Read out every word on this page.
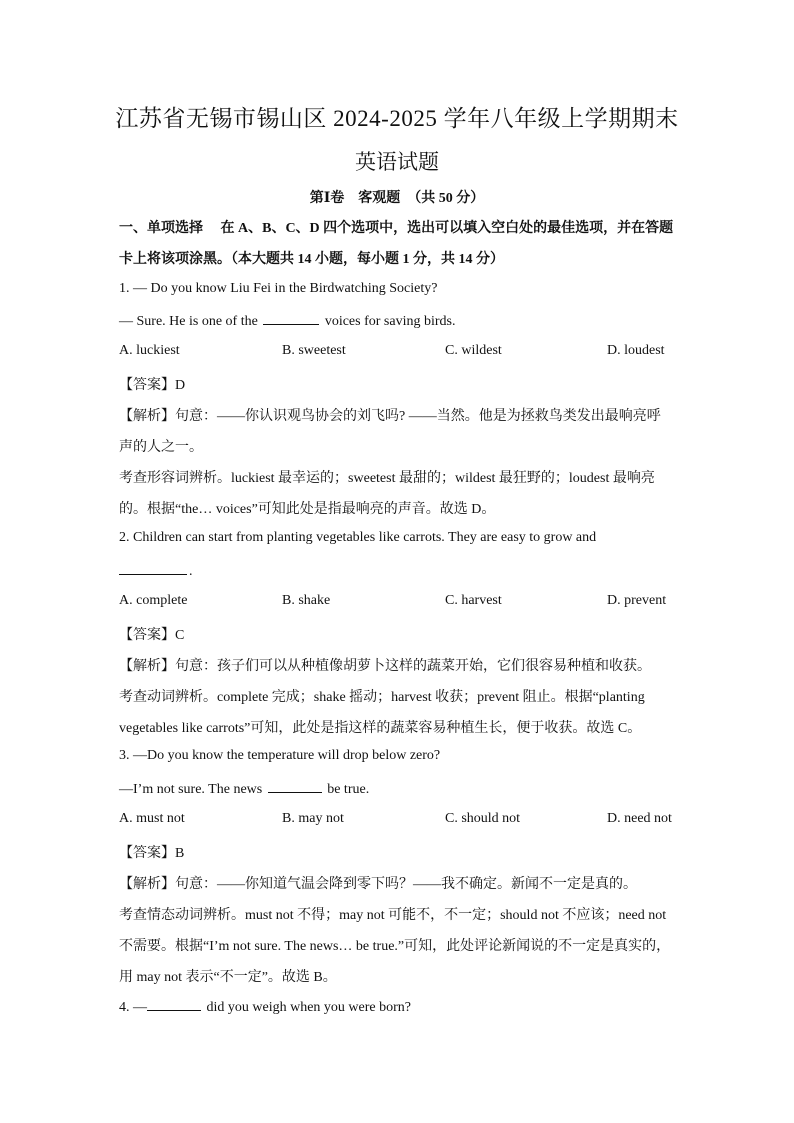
江苏省无锡市锡山区 2024-2025 学年八年级上学期期末
英语试题
第Ⅰ卷　客观题　（共 50 分）
一、单项选择　 在 A、B、C、D 四个选项中，选出可以填入空白处的最佳选项，并在答题
卡上将该项涂黑。（本大题共 14 小题，每小题 1 分，共 14 分）
1. — Do you know Liu Fei in the Birdwatching Society?
— Sure. He is one of the	voices for saving birds.
A. luckiest	B. sweetest	C. wildest	D. loudest
【答案】D
【解析】句意：——你认识观鸟协会的刘飞吗? ——当然。他是为拯救鸟类发出最响亮呼
声的人之一。
考查形容词辨析。luckiest 最幸运的；sweetest 最甜的；wildest 最狂野的；loudest 最响亮
的。根据“the… voices”可知此处是指最响亮的声音。故选 D。
2. Children can start from planting vegetables like carrots. They are easy to grow and
.
A. complete	B. shake	C. harvest	D. prevent
【答案】C
【解析】句意：孩子们可以从种植像胡萝卜这样的蔬菜开始，它们很容易种植和收获。
考查动词辨析。complete 完成；shake 摇动；harvest 收获；prevent 阻止。根据“planting
vegetables like carrots”可知，此处是指这样的蔬菜容易种植生长，便于收获。故选 C。
3. —Do you know the temperature will drop below zero?
—I’m not sure. The news	be true.
A. must not	B. may not	C. should not	D. need not
【答案】B
【解析】句意：——你知道气温会降到零下吗？——我不确定。新闻不一定是真的。
考查情态动词辨析。must not 不得；may not 可能不，不一定；should not 不应该；need not
不需要。根据“I’m not sure. The news… be true.”可知，此处评论新闻说的不一定是真实的，
用 may not 表示“不一定”。故选 B。
4. —	did you weigh when you were born?
